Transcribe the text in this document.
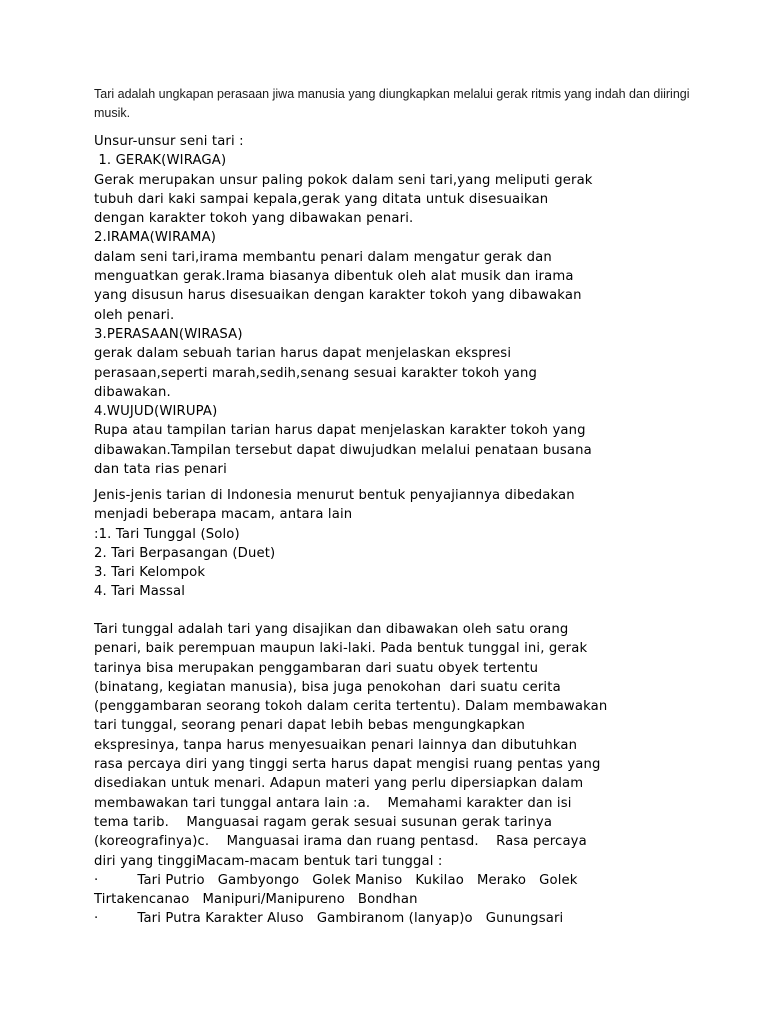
Tari adalah ungkapan perasaan jiwa manusia yang diungkapkan melalui gerak ritmis yang indah dan diiringi musik.

Unsur-unsur seni tari :
1. GERAK(WIRAGA)
Gerak merupakan unsur paling pokok dalam seni tari,yang meliputi gerak
tubuh dari kaki sampai kepala,gerak yang ditata untuk disesuaikan
dengan karakter tokoh yang dibawakan penari.
2.IRAMA(WIRAMA)
dalam seni tari,irama membantu penari dalam mengatur gerak dan
menguatkan gerak.Irama biasanya dibentuk oleh alat musik dan irama
yang disusun harus disesuaikan dengan karakter tokoh yang dibawakan
oleh penari.
3.PERASAAN(WIRASA)
gerak dalam sebuah tarian harus dapat menjelaskan ekspresi
perasaan,seperti marah,sedih,senang sesuai karakter tokoh yang
dibawakan.
4.WUJUD(WIRUPA)
Rupa atau tampilan tarian harus dapat menjelaskan karakter tokoh yang
dibawakan.Tampilan tersebut dapat diwujudkan melalui penataan busana
dan tata rias penari
Jenis-jenis tarian di Indonesia menurut bentuk penyajiannya dibedakan
menjadi beberapa macam, antara lain
:1. Tari Tunggal (Solo)
2. Tari Berpasangan (Duet)
3. Tari Kelompok
4. Tari Massal
Tari tunggal adalah tari yang disajikan dan dibawakan oleh satu orang
penari, baik perempuan maupun laki-laki. Pada bentuk tunggal ini, gerak
tarinya bisa merupakan penggambaran dari suatu obyek tertentu
(binatang, kegiatan manusia), bisa juga penokohan  dari suatu cerita
(penggambaran seorang tokoh dalam cerita tertentu). Dalam membawakan
tari tunggal, seorang penari dapat lebih bebas mengungkapkan
ekspresinya, tanpa harus menyesuaikan penari lainnya dan dibutuhkan
rasa percaya diri yang tinggi serta harus dapat mengisi ruang pentas yang
disediakan untuk menari. Adapun materi yang perlu dipersiapkan dalam
membawakan tari tunggal antara lain :a.    Memahami karakter dan isi
tema tarib.    Manguasai ragam gerak sesuai susunan gerak tarinya
(koreografinya)c.    Manguasai irama dan ruang pentasd.    Rasa percaya
diri yang tinggiMacam-macam bentuk tari tunggal :
·         Tari Putrio   Gambyongo   Golek Maniso   Kukilao   Merako   Golek
Tirtakencanao   Manipuri/Manipureno   Bondhan
·         Tari Putra Karakter Aluso   Gambiranom (lanyap)o   Gunungsari
